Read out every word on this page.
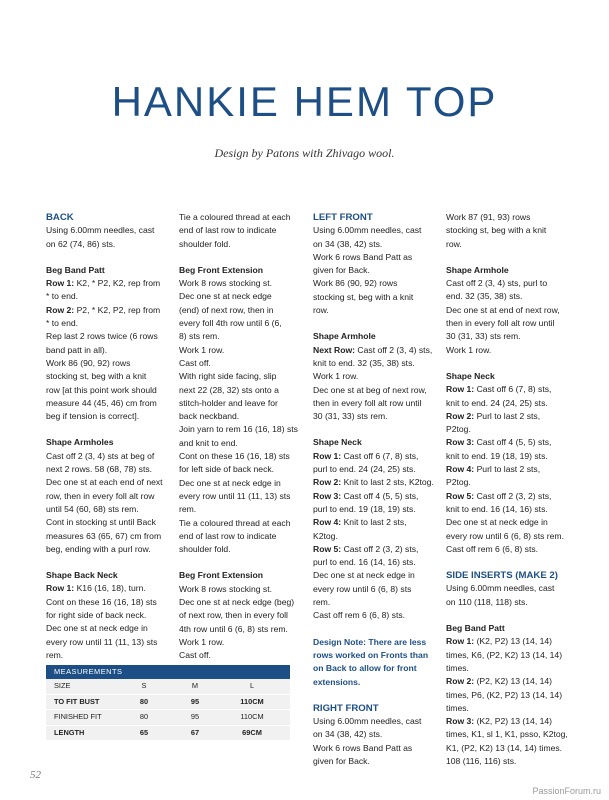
HANKIE HEM TOP
Design by Patons with Zhivago wool.

BACK

Using 6.00mm needles, cast

on 62 (74, 86) sts.

Beg Band Patt

Row 1: K2, * P2, K2, rep from

* to end.

Row 2: P2, * K2, P2, rep from

* to end.

Rep last 2 rows twice (6 rows

band patt in all).

Work 86 (90, 92) rows

stocking st, beg with a knit

row [at this point work should

measure 44 (45, 46) cm from

beg if tension is correct].

Shape Armholes

Cast off 2 (3, 4) sts at beg of

next 2 rows. 58 (68, 78) sts.

Dec one st at each end of next

row, then in every foll alt row

until 54 (60, 68) sts rem.

Cont in stocking st until Back

measures 63 (65, 67) cm from

beg, ending with a purl row.

Shape Back Neck

Row 1: K16 (16, 18), turn.

Cont on these 16 (16, 18) sts

for right side of back neck.

Dec one st at neck edge in

every row until 11 (11, 13) sts

rem.

Tie a coloured thread at each

end of last row to indicate

shoulder fold.

Beg Front Extension

Work 8 rows stocking st.

Dec one st at neck edge

(end) of next row, then in

every foll 4th row until 6 (6,

8) sts rem.

Work 1 row.

Cast off.

With right side facing, slip

next 22 (28, 32) sts onto a

stitch-holder and leave for

back neckband.

Join yarn to rem 16 (16, 18) sts

and knit to end.

Cont on these 16 (16, 18) sts

for left side of back neck.

Dec one st at neck edge in

every row until 11 (11, 13) sts

rem.

Tie a coloured thread at each

end of last row to indicate

shoulder fold.

Beg Front Extension

Work 8 rows stocking st.

Dec one st at neck edge (beg)

of next row, then in every foll

4th row until 6 (6, 8) sts rem.

Work 1 row.

Cast off.

LEFT FRONT

Using 6.00mm needles, cast

on 34 (38, 42) sts.

Work 6 rows Band Patt as

given for Back.

Work 86 (90, 92) rows

stocking st, beg with a knit

row.

Shape Armhole

Next Row: Cast off 2 (3, 4) sts,

knit to end. 32 (35, 38) sts.

Work 1 row.

Dec one st at beg of next row,

then in every foll alt row until

30 (31, 33) sts rem.

Shape Neck

Row 1: Cast off 6 (7, 8) sts,

purl to end. 24 (24, 25) sts.

Row 2: Knit to last 2 sts, K2tog.

Row 3: Cast off 4 (5, 5) sts,

purl to end. 19 (18, 19) sts.

Row 4: Knit to last 2 sts,

K2tog.

Row 5: Cast off 2 (3, 2) sts,

purl to end. 16 (14, 16) sts.

Dec one st at neck edge in

every row until 6 (6, 8) sts

rem.

Cast off rem 6 (6, 8) sts.

Design Note: There are less

rows worked on Fronts than

on Back to allow for front

extensions.

RIGHT FRONT

Using 6.00mm needles, cast

on 34 (38, 42) sts.

Work 6 rows Band Patt as

given for Back.

Work 87 (91, 93) rows

stocking st, beg with a knit

row.

Shape Armhole

Cast off 2 (3, 4) sts, purl to

end. 32 (35, 38) sts.

Dec one st at end of next row,

then in every foll alt row until

30 (31, 33) sts rem.

Work 1 row.

Shape Neck

Row 1: Cast off 6 (7, 8) sts,

knit to end. 24 (24, 25) sts.

Row 2: Purl to last 2 sts,

P2tog.

Row 3: Cast off 4 (5, 5) sts,

knit to end. 19 (18, 19) sts.

Row 4: Purl to last 2 sts,

P2tog.

Row 5: Cast off 2 (3, 2) sts,

knit to end. 16 (14, 16) sts.

Dec one st at neck edge in

every row until 6 (6, 8) sts rem.

Cast off rem 6 (6, 8) sts.

SIDE INSERTS (MAKE 2)

Using 6.00mm needles, cast

on 110 (118, 118) sts.

Beg Band Patt

Row 1: (K2, P2) 13 (14, 14)

times, K6, (P2, K2) 13 (14, 14)

times.

Row 2: (P2, K2) 13 (14, 14)

times, P6, (K2, P2) 13 (14, 14)

times.

Row 3: (K2, P2) 13 (14, 14)

times, K1, sl 1, K1, psso, K2tog,

K1, (P2, K2) 13 (14, 14) times.

108 (116, 116) sts.

MEASUREMENTS
SIZE	S	M	L
TO FIT BUST	80	95	110CM
FINISHED FIT	80	95	110CM
LENGTH	65	67	69CM
52
PassionForum.ru
